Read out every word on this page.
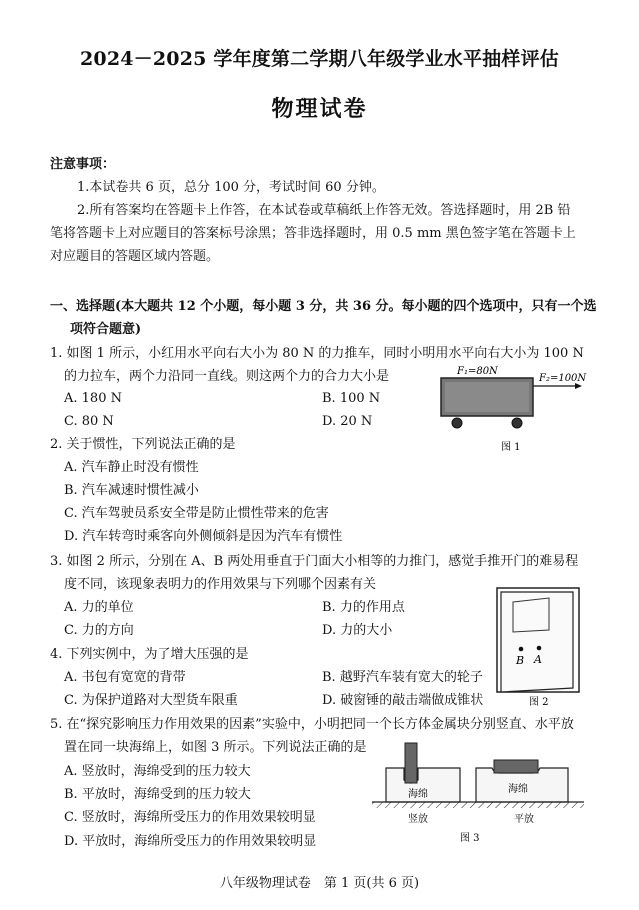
2024－2025 学年度第二学期八年级学业水平抽样评估
物理试卷
注意事项：
1.本试卷共 6 页，总分 100 分，考试时间 60 分钟。
2.所有答案均在答题卡上作答，在本试卷或草稿纸上作答无效。答选择题时，用 2B 铅
笔将答题卡上对应题目的答案标号涂黑；答非选择题时，用 0.5 mm 黑色签字笔在答题卡上
对应题目的答题区域内答题。
一、选择题(本大题共 12 个小题，每小题 3 分，共 36 分。每小题的四个选项中，只有一个选
项符合题意)
1. 如图 1 所示，小红用水平向右大小为 80 N 的力推车，同时小明用水平向右大小为 100 N
的力拉车，两个力沿同一直线。则这两个力的合力大小是
A. 180 N	B. 100 N
C. 80 N	D. 20 N
F₁=80N
F₂=100N
图 1
2. 关于惯性，下列说法正确的是
A. 汽车静止时没有惯性
B. 汽车减速时惯性减小
C. 汽车驾驶员系安全带是防止惯性带来的危害
D. 汽车转弯时乘客向外侧倾斜是因为汽车有惯性
3. 如图 2 所示，分别在 A、B 两处用垂直于门面大小相等的力推门，感觉手推开门的难易程
度不同，该现象表明力的作用效果与下列哪个因素有关
A. 力的单位	B. 力的作用点
C. 力的方向	D. 力的大小
B A
图 2
4. 下列实例中，为了增大压强的是
A. 书包有宽宽的背带	B. 越野汽车装有宽大的轮子
C. 为保护道路对大型货车限重	D. 破窗锤的敲击端做成锥状
5. 在“探究影响压力作用效果的因素”实验中，小明把同一个长方体金属块分别竖直、水平放
置在同一块海绵上，如图 3 所示。下列说法正确的是
A. 竖放时，海绵受到的压力较大
B. 平放时，海绵受到的压力较大
C. 竖放时，海绵所受压力的作用效果较明显
D. 平放时，海绵所受压力的作用效果较明显
海绵	海绵
竖放	平放
图 3
八年级物理试卷　第 1 页(共 6 页)
